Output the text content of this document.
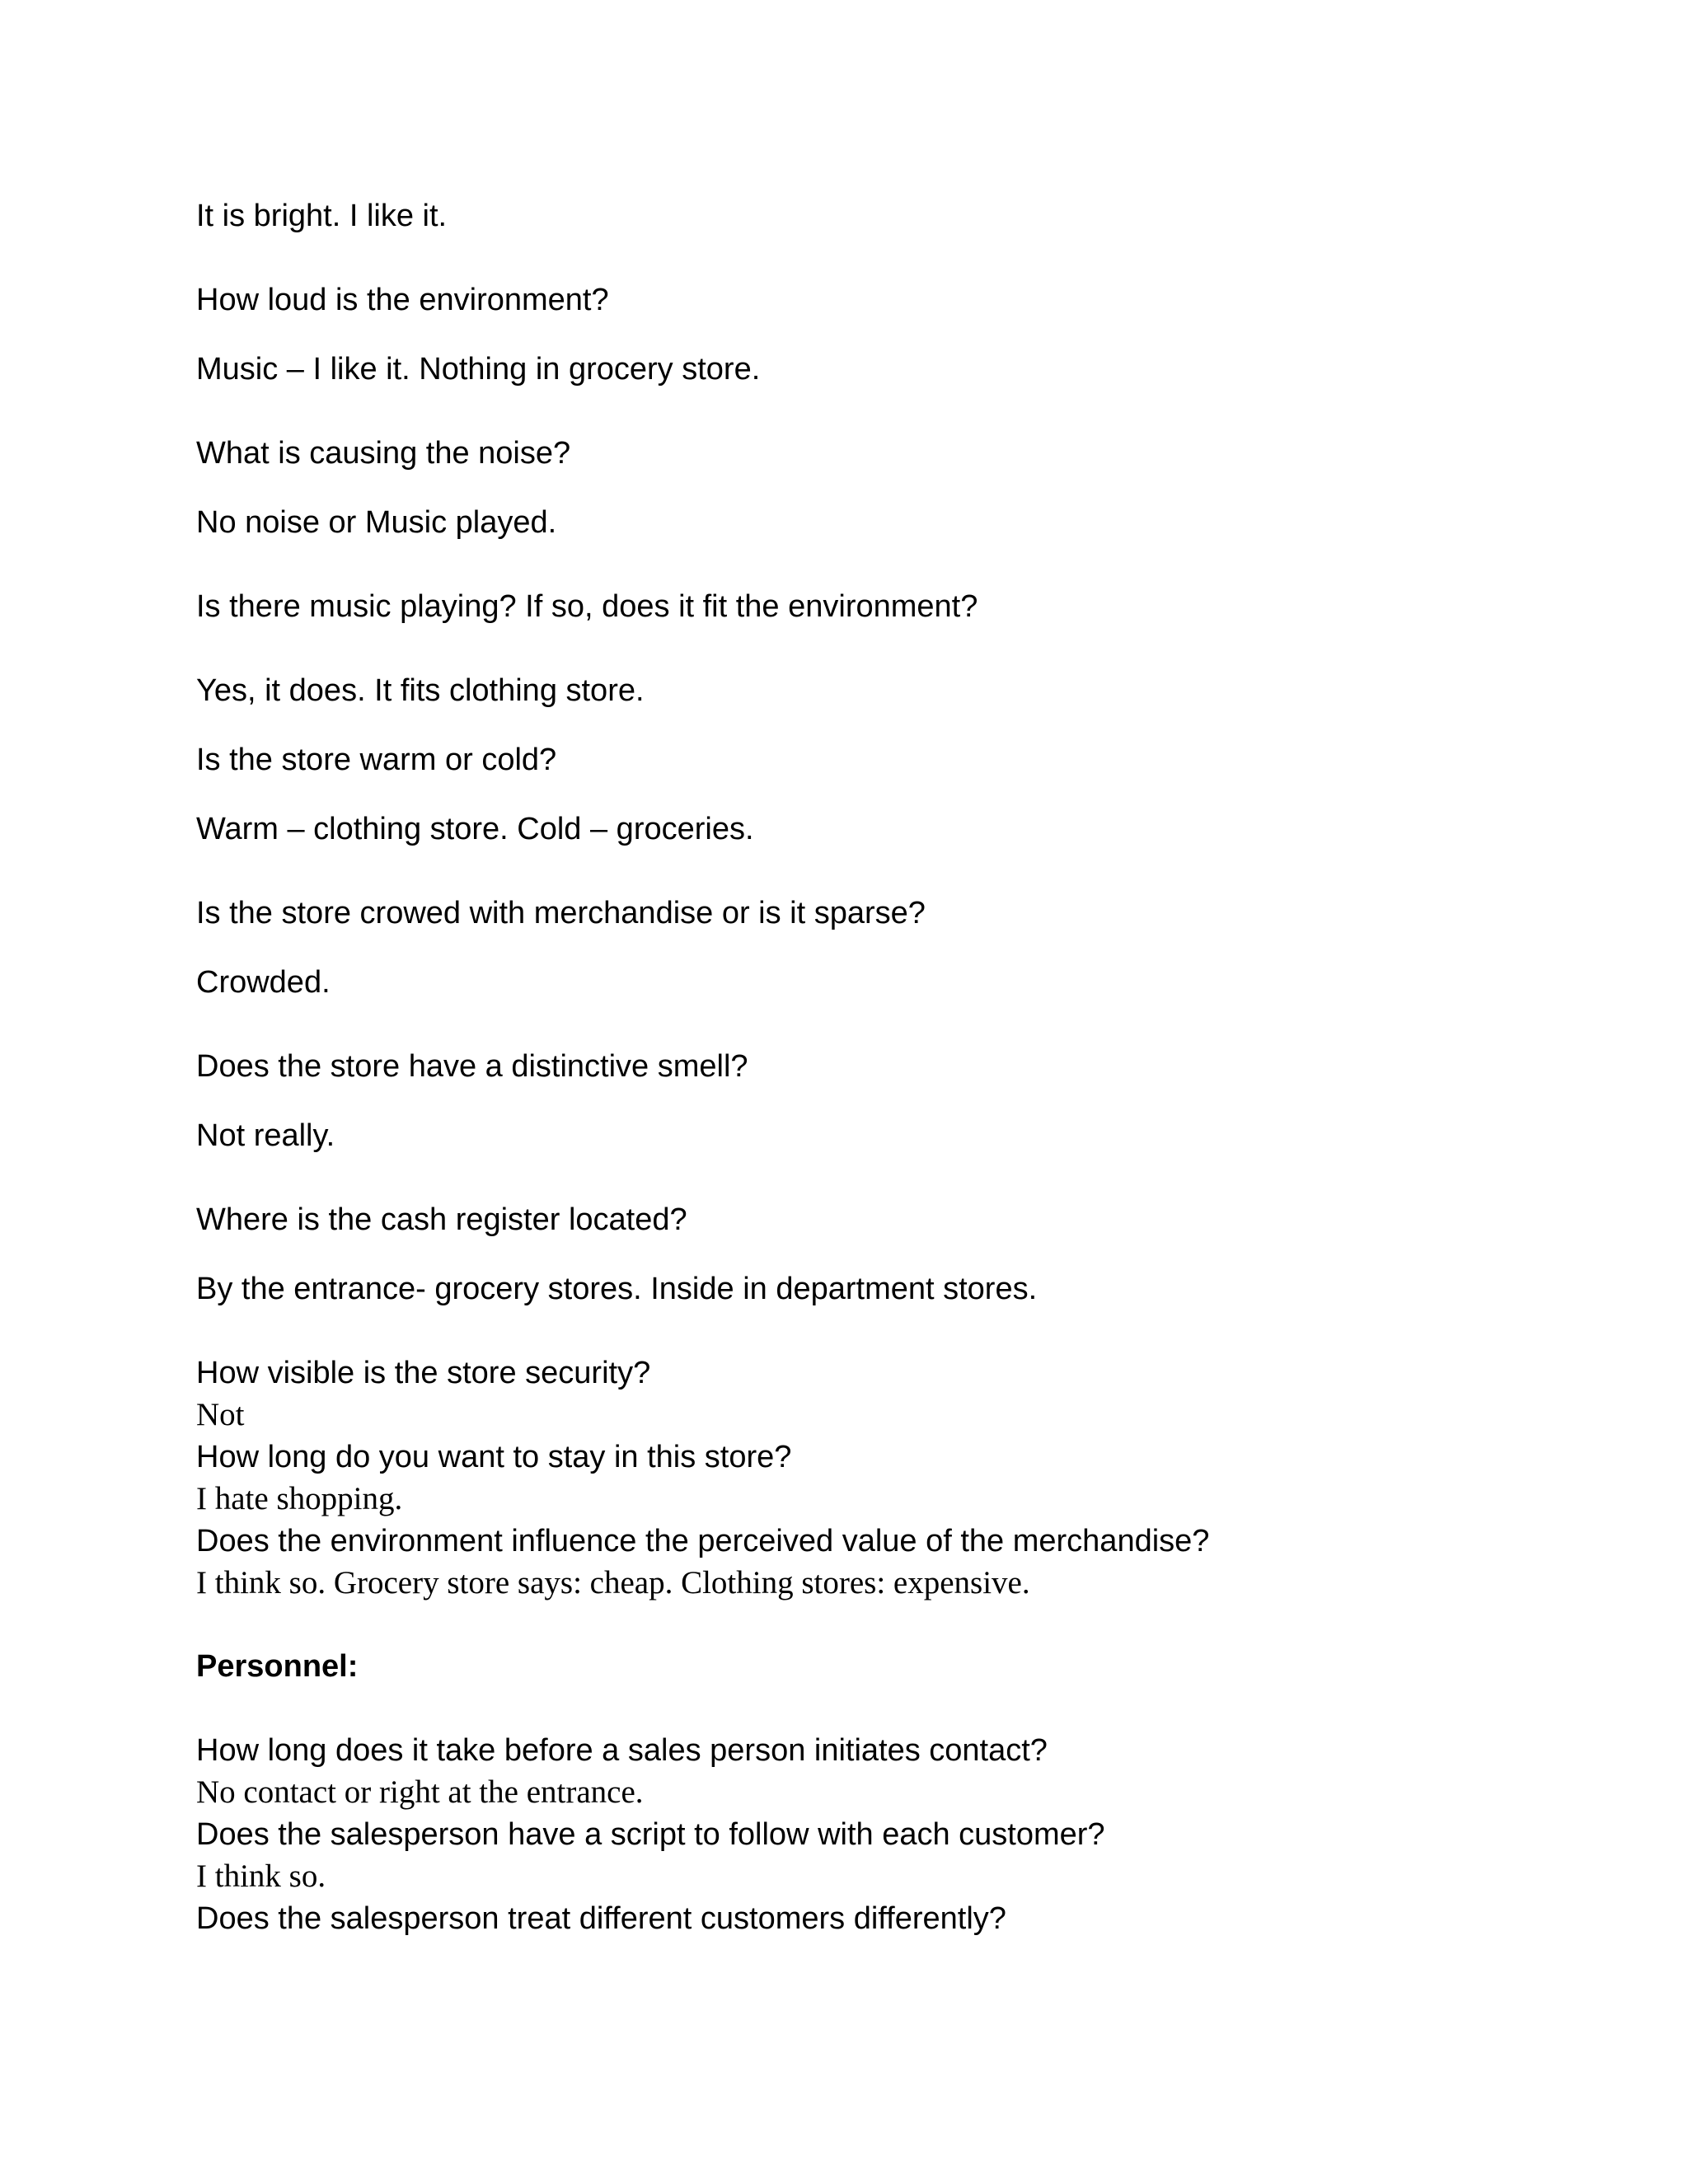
It is bright. I like it.
How loud is the environment?
Music – I like it. Nothing in grocery store.
What is causing the noise?
No noise or Music played.
Is there music playing? If so, does it fit the environment?
Yes, it does. It fits clothing store.
Is the store warm or cold?
Warm – clothing store. Cold – groceries.
Is the store crowed with merchandise or is it sparse?
Crowded.
Does the store have a distinctive smell?
Not really.
Where is the cash register located?
By the entrance- grocery stores. Inside in department stores.
How visible is the store security?
Not
How long do you want to stay in this store?
I hate shopping.
Does the environment influence the perceived value of the merchandise?
I think so. Grocery store says: cheap. Clothing stores: expensive.
Personnel:
How long does it take before a sales person initiates contact?
No contact or right at the entrance.
Does the salesperson have a script to follow with each customer?
I think so.
Does the salesperson treat different customers differently?
